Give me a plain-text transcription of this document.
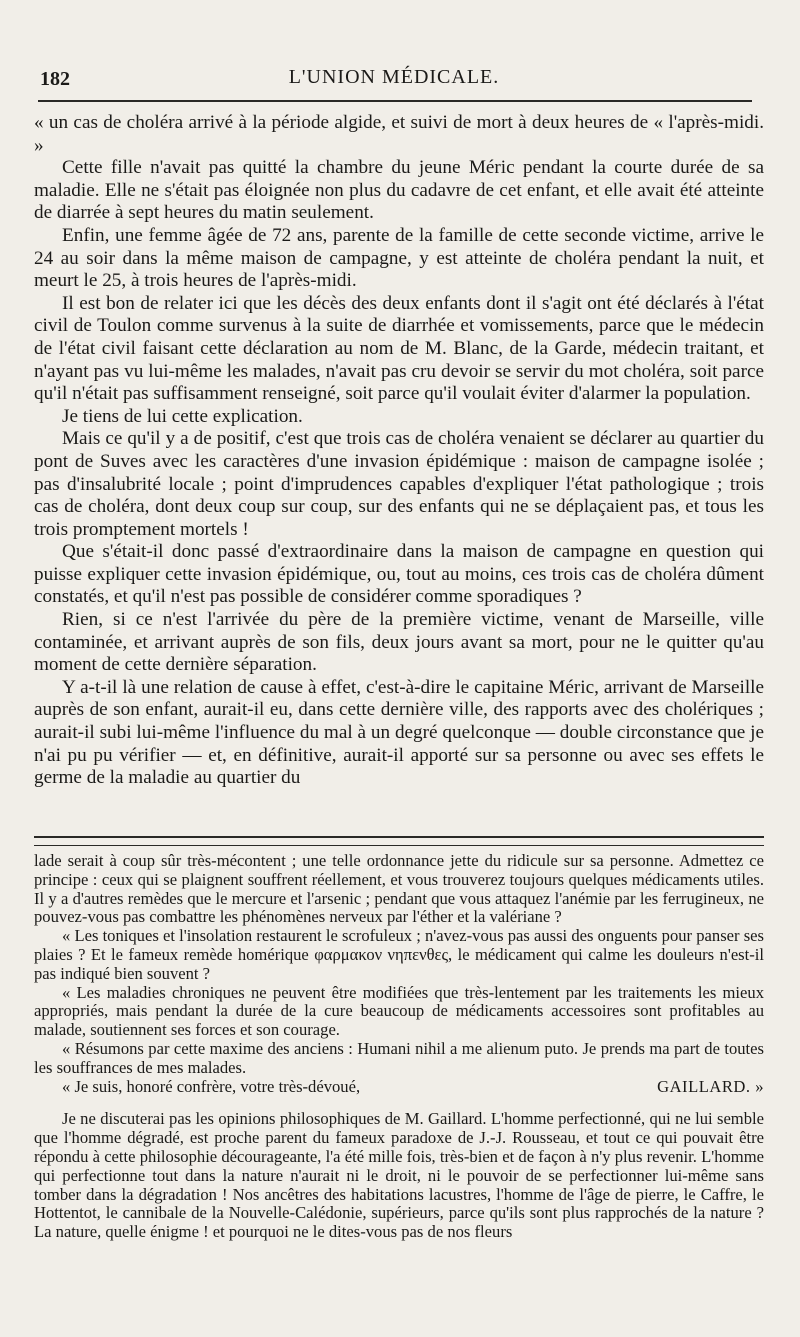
182	L'UNION MÉDICALE.

« un cas de choléra arrivé à la période algide, et suivi de mort à deux heures de « l'après-midi. »

Cette fille n'avait pas quitté la chambre du jeune Méric pendant la courte durée de sa maladie. Elle ne s'était pas éloignée non plus du cadavre de cet enfant, et elle avait été atteinte de diarrée à sept heures du matin seulement.

Enfin, une femme âgée de 72 ans, parente de la famille de cette seconde victime, arrive le 24 au soir dans la même maison de campagne, y est atteinte de choléra pendant la nuit, et meurt le 25, à trois heures de l'après-midi.

Il est bon de relater ici que les décès des deux enfants dont il s'agit ont été déclarés à l'état civil de Toulon comme survenus à la suite de diarrhée et vomissements, parce que le médecin de l'état civil faisant cette déclaration au nom de M. Blanc, de la Garde, médecin traitant, et n'ayant pas vu lui-même les malades, n'avait pas cru devoir se servir du mot choléra, soit parce qu'il n'était pas suffisamment renseigné, soit parce qu'il voulait éviter d'alarmer la population.

Je tiens de lui cette explication.

Mais ce qu'il y a de positif, c'est que trois cas de choléra venaient se déclarer au quartier du pont de Suves avec les caractères d'une invasion épidémique : maison de campagne isolée ; pas d'insalubrité locale ; point d'imprudences capables d'expliquer l'état pathologique ; trois cas de choléra, dont deux coup sur coup, sur des enfants qui ne se déplaçaient pas, et tous les trois promptement mortels !

Que s'était-il donc passé d'extraordinaire dans la maison de campagne en question qui puisse expliquer cette invasion épidémique, ou, tout au moins, ces trois cas de choléra dûment constatés, et qu'il n'est pas possible de considérer comme sporadiques ?

Rien, si ce n'est l'arrivée du père de la première victime, venant de Marseille, ville contaminée, et arrivant auprès de son fils, deux jours avant sa mort, pour ne le quitter qu'au moment de cette dernière séparation.

Y a-t-il là une relation de cause à effet, c'est-à-dire le capitaine Méric, arrivant de Marseille auprès de son enfant, aurait-il eu, dans cette dernière ville, des rapports avec des cholériques ; aurait-il subi lui-même l'influence du mal à un degré quelconque — double circonstance que je n'ai pu pu vérifier — et, en définitive, aurait-il apporté sur sa personne ou avec ses effets le germe de la maladie au quartier du

lade serait à coup sûr très-mécontent ; une telle ordonnance jette du ridicule sur sa personne. Admettez ce principe : ceux qui se plaignent souffrent réellement, et vous trouverez toujours quelques médicaments utiles. Il y a d'autres remèdes que le mercure et l'arsenic ; pendant que vous attaquez l'anémie par les ferrugineux, ne pouvez-vous pas combattre les phénomènes nerveux par l'éther et la valériane ?

« Les toniques et l'insolation restaurent le scrofuleux ; n'avez-vous pas aussi des onguents pour panser ses plaies ? Et le fameux remède homérique φαρμακον νηπενθες, le médicament qui calme les douleurs n'est-il pas indiqué bien souvent ?

« Les maladies chroniques ne peuvent être modifiées que très-lentement par les traitements les mieux appropriés, mais pendant la durée de la cure beaucoup de médicaments accessoires sont profitables au malade, soutiennent ses forces et son courage.

« Résumons par cette maxime des anciens : Humani nihil a me alienum puto. Je prends ma part de toutes les souffrances de mes malades.

« Je suis, honoré confrère, votre très-dévoué,	GAILLARD. »

Je ne discuterai pas les opinions philosophiques de M. Gaillard. L'homme perfectionné, qui ne lui semble que l'homme dégradé, est proche parent du fameux paradoxe de J.-J. Rousseau, et tout ce qui pouvait être répondu à cette philosophie décourageante, l'a été mille fois, très-bien et de façon à n'y plus revenir. L'homme qui perfectionne tout dans la nature n'aurait ni le droit, ni le pouvoir de se perfectionner lui-même sans tomber dans la dégradation ! Nos ancêtres des habitations lacustres, l'homme de l'âge de pierre, le Caffre, le Hottentot, le cannibale de la Nouvelle-Calédonie, supérieurs, parce qu'ils sont plus rapprochés de la nature ? La nature, quelle énigme ! et pourquoi ne le dites-vous pas de nos fleurs
